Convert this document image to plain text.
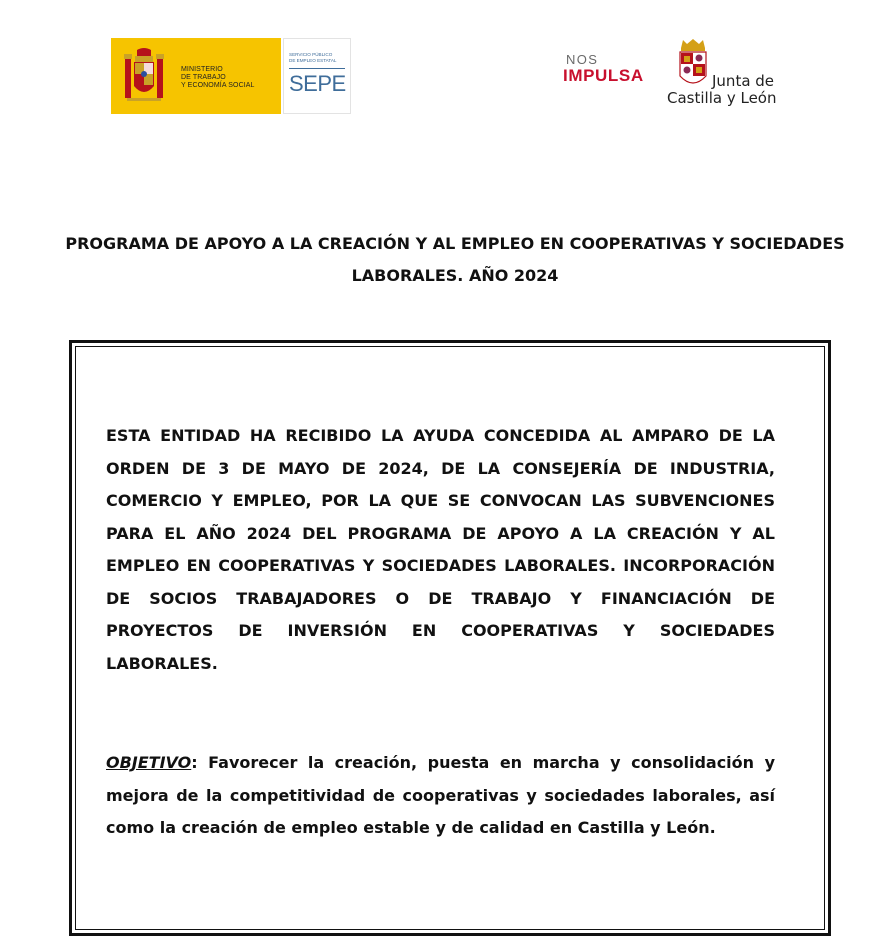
MINISTERIO
DE TRABAJO
Y ECONOMÍA SOCIAL
SERVICIO PÚBLICO
DE EMPLEO ESTATAL
SEPE
NOS
IMPULSA	Junta de
Castilla y León
PROGRAMA DE APOYO A LA CREACIÓN Y AL EMPLEO EN COOPERATIVAS Y SOCIEDADES LABORALES. AÑO 2024
ESTA ENTIDAD HA RECIBIDO LA AYUDA CONCEDIDA AL AMPARO DE LA ORDEN DE 3 DE MAYO DE 2024, DE LA CONSEJERÍA DE INDUSTRIA, COMERCIO Y EMPLEO, POR LA QUE SE CONVOCAN LAS SUBVENCIONES PARA EL AÑO 2024 DEL PROGRAMA DE APOYO A LA CREACIÓN Y AL EMPLEO EN COOPERATIVAS Y SOCIEDADES LABORALES. INCORPORACIÓN DE SOCIOS TRABAJADORES O DE TRABAJO Y FINANCIACIÓN DE PROYECTOS DE INVERSIÓN EN COOPERATIVAS Y SOCIEDADES LABORALES.
OBJETIVO: Favorecer la creación, puesta en marcha y consolidación y mejora de la competitividad de cooperativas y sociedades laborales, así como la creación de empleo estable y de calidad en Castilla y León.
